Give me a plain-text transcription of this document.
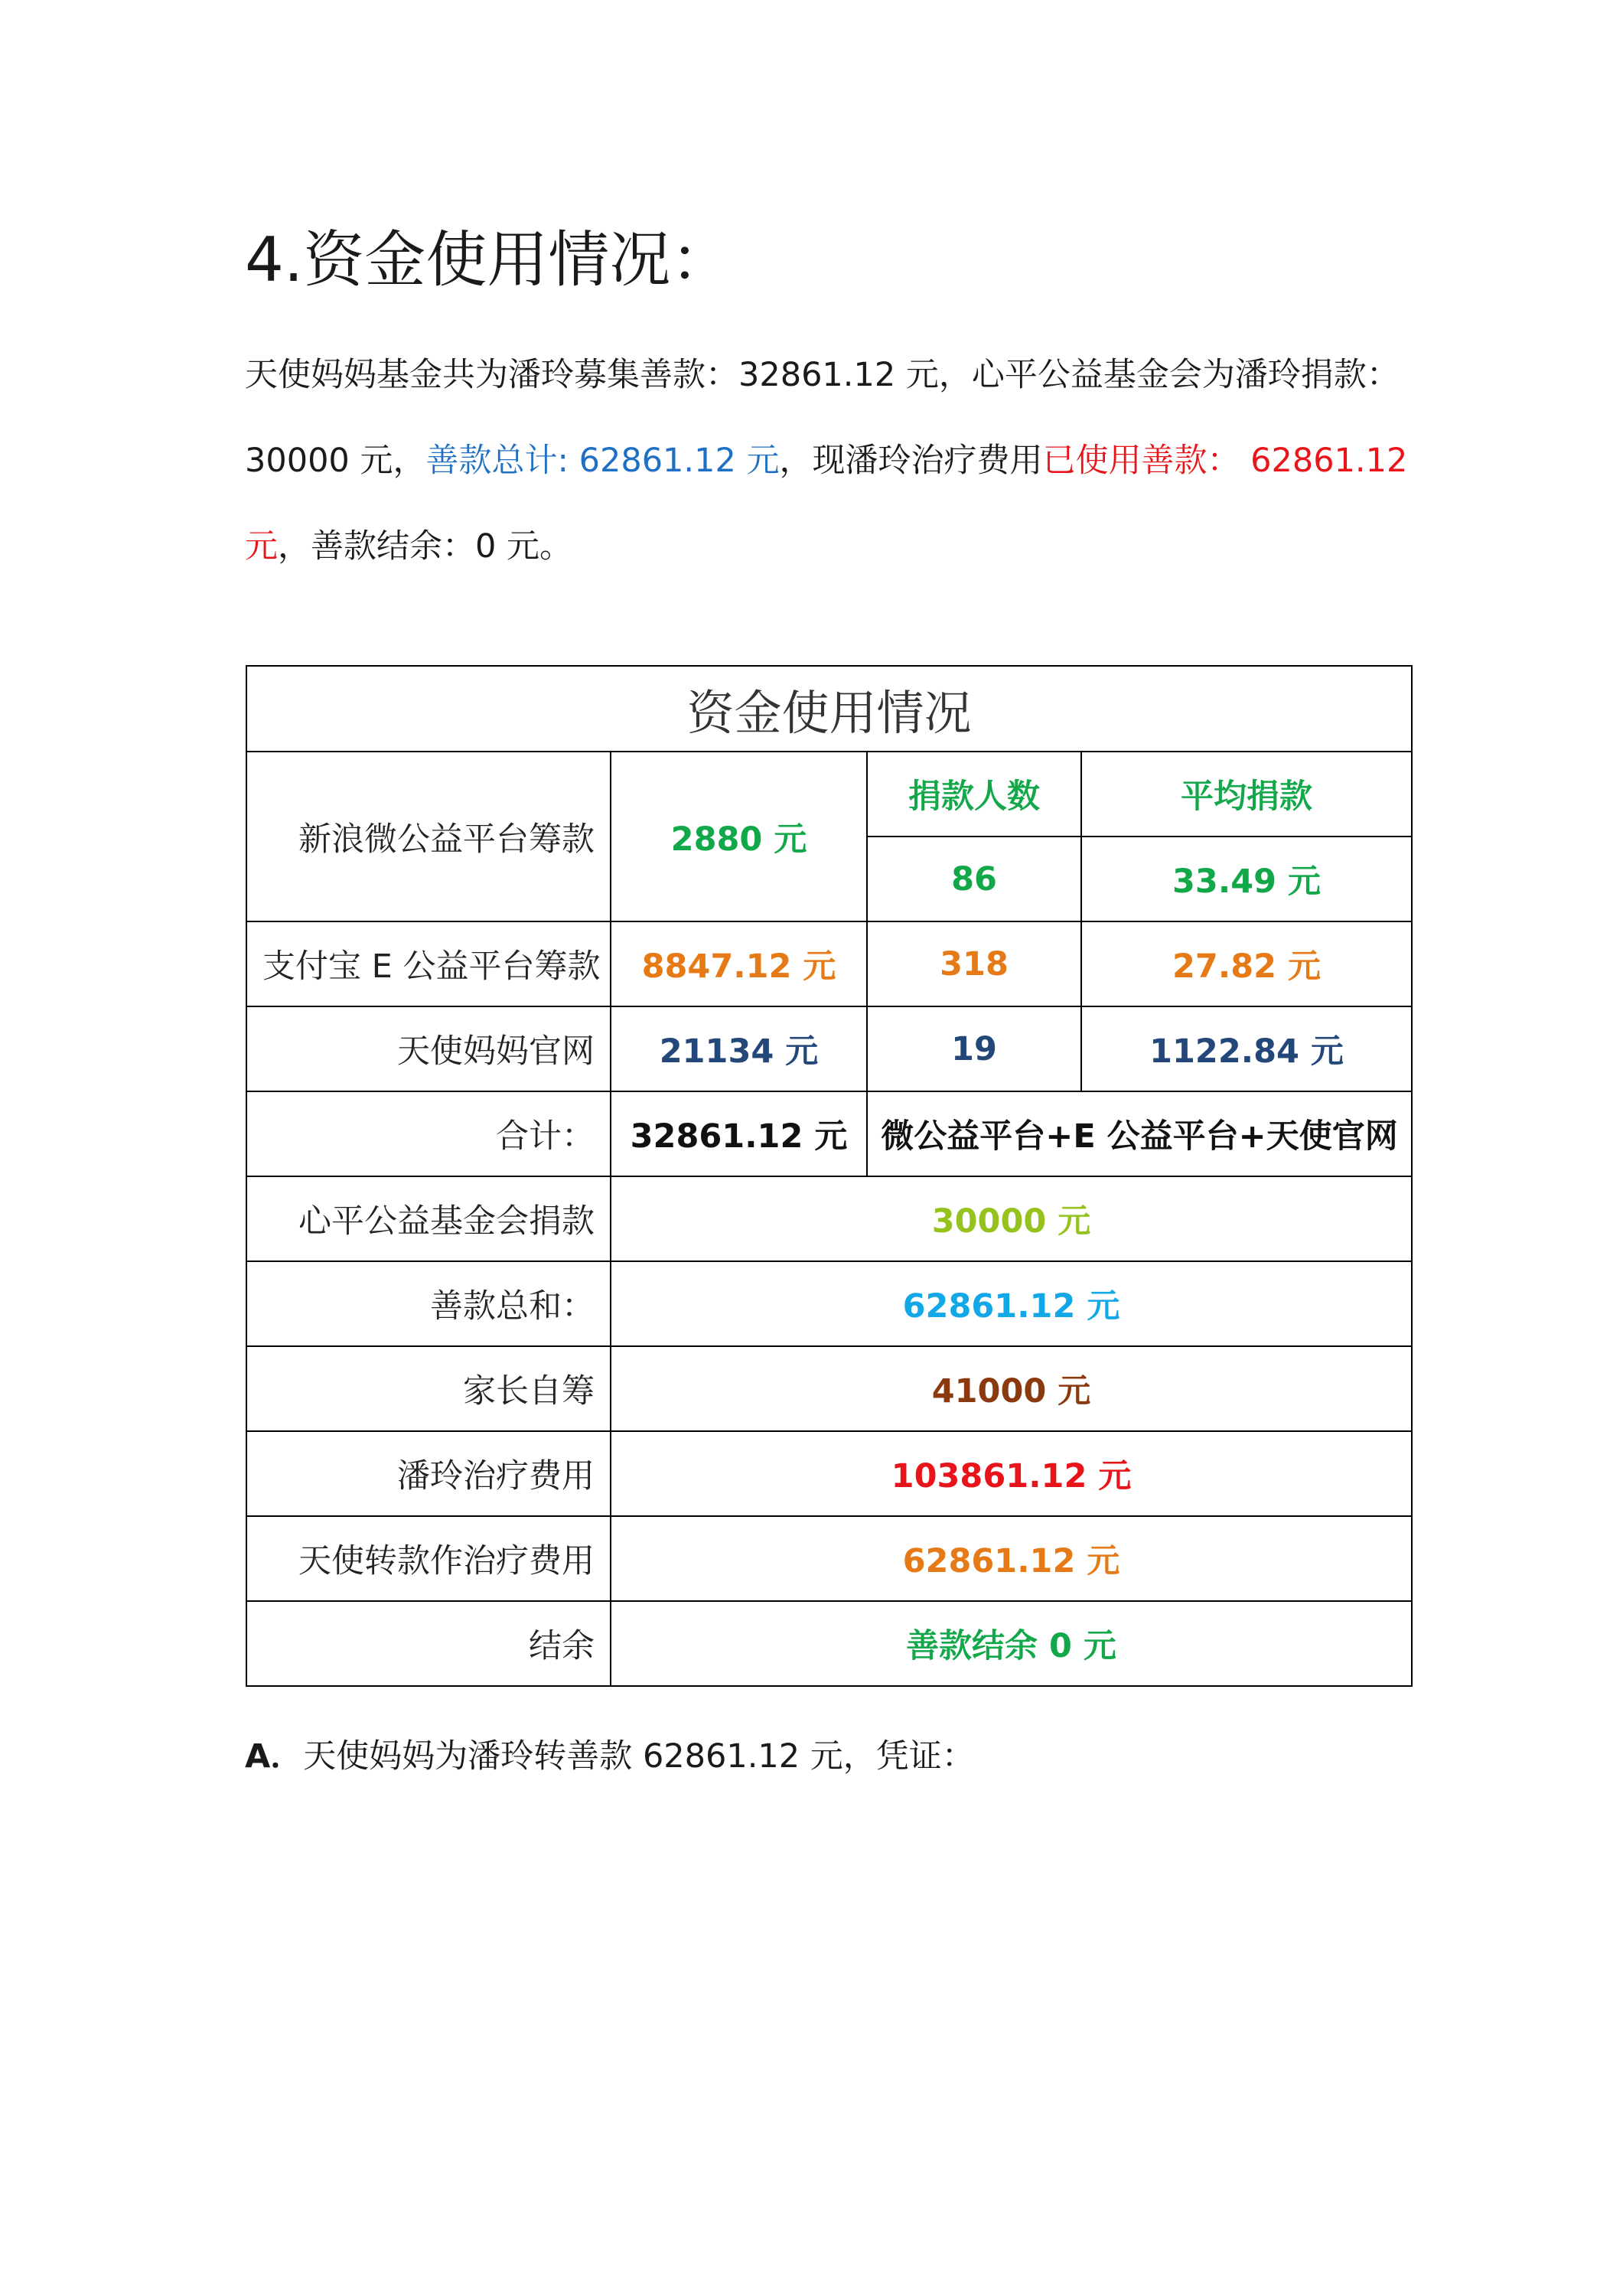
4.资金使用情况：

天使妈妈基金共为潘玲募集善款：32861.12 元，心平公益基金会为潘玲捐款：30000 元，善款总计: 62861.12 元，现潘玲治疗费用已使用善款： 62861.12 元，善款结余：0 元。

资金使用情况			
新浪微公益平台筹款	2880 元	捐款人数	平均捐款
		86	33.49 元
支付宝 E 公益平台筹款	8847.12 元	318	27.82 元
天使妈妈官网	21134 元	19	1122.84 元
合计：	32861.12 元	微公益平台+E 公益平台+天使官网	
心平公益基金会捐款	30000 元		
善款总和：	62861.12 元		
家长自筹	41000 元		
潘玲治疗费用	103861.12 元		
天使转款作治疗费用	62861.12 元		
结余	善款结余 0 元		

A．天使妈妈为潘玲转善款 62861.12 元，凭证：
